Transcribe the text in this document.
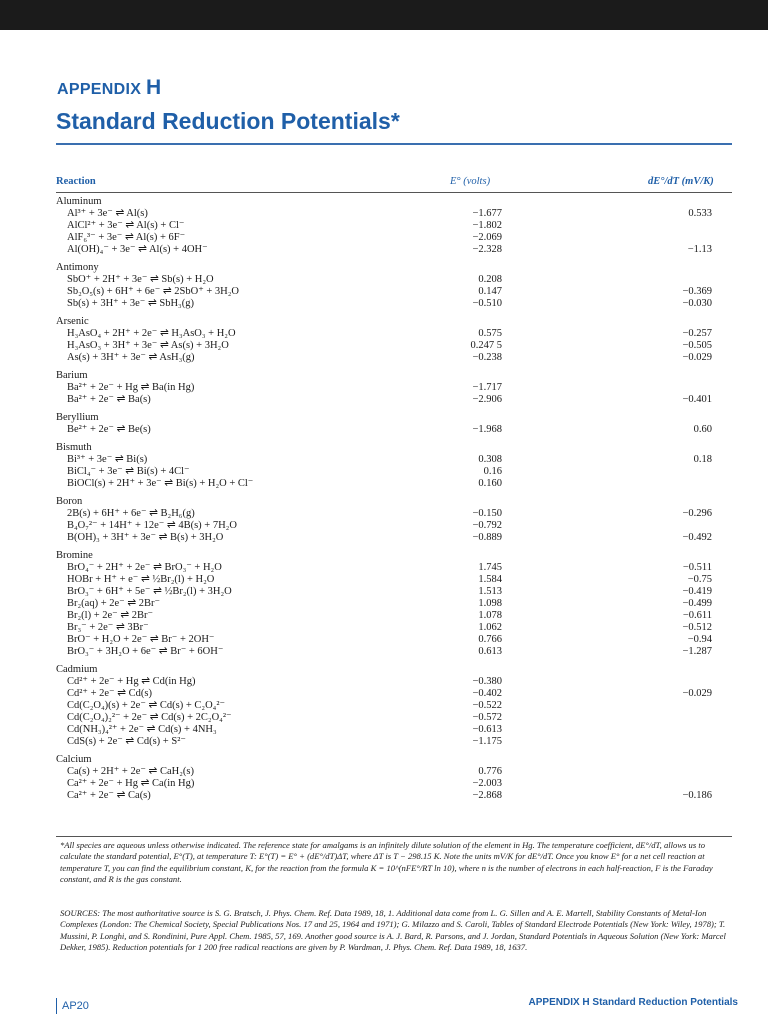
APPENDIX H
Standard Reduction Potentials*
Reaction	E° (volts)	dE°/dT (mV/K)
Aluminum
Al³⁺ + 3e⁻ ⇌ Al(s)	−1.677	0.533
AlCl²⁺ + 3e⁻ ⇌ Al(s) + Cl⁻	−1.802
AlF₆³⁻ + 3e⁻ ⇌ Al(s) + 6F⁻	−2.069
Al(OH)₄⁻ + 3e⁻ ⇌ Al(s) + 4OH⁻	−2.328	−1.13
Antimony
SbO⁺ + 2H⁺ + 3e⁻ ⇌ Sb(s) + H₂O	0.208
Sb₂O₅(s) + 6H⁺ + 6e⁻ ⇌ 2SbO⁺ + 3H₂O	0.147	−0.369
Sb(s) + 3H⁺ + 3e⁻ ⇌ SbH₃(g)	−0.510	−0.030
Arsenic
H₃AsO₄ + 2H⁺ + 2e⁻ ⇌ H₃AsO₃ + H₂O	0.575	−0.257
H₃AsO₃ + 3H⁺ + 3e⁻ ⇌ As(s) + 3H₂O	0.247 5	−0.505
As(s) + 3H⁺ + 3e⁻ ⇌ AsH₃(g)	−0.238	−0.029
Barium
Ba²⁺ + 2e⁻ + Hg ⇌ Ba(in Hg)	−1.717
Ba²⁺ + 2e⁻ ⇌ Ba(s)	−2.906	−0.401
Beryllium
Be²⁺ + 2e⁻ ⇌ Be(s)	−1.968	0.60
Bismuth
Bi³⁺ + 3e⁻ ⇌ Bi(s)	0.308	0.18
BiCl₄⁻ + 3e⁻ ⇌ Bi(s) + 4Cl⁻	0.16
BiOCl(s) + 2H⁺ + 3e⁻ ⇌ Bi(s) + H₂O + Cl⁻	0.160
Boron
2B(s) + 6H⁺ + 6e⁻ ⇌ B₂H₆(g)	−0.150	−0.296
B₄O₇²⁻ + 14H⁺ + 12e⁻ ⇌ 4B(s) + 7H₂O	−0.792
B(OH)₃ + 3H⁺ + 3e⁻ ⇌ B(s) + 3H₂O	−0.889	−0.492
Bromine
BrO₄⁻ + 2H⁺ + 2e⁻ ⇌ BrO₃⁻ + H₂O	1.745	−0.511
HOBr + H⁺ + e⁻ ⇌ ½Br₂(l) + H₂O	1.584	−0.75
BrO₃⁻ + 6H⁺ + 5e⁻ ⇌ ½Br₂(l) + 3H₂O	1.513	−0.419
Br₂(aq) + 2e⁻ ⇌ 2Br⁻	1.098	−0.499
Br₂(l) + 2e⁻ ⇌ 2Br⁻	1.078	−0.611
Br₃⁻ + 2e⁻ ⇌ 3Br⁻	1.062	−0.512
BrO⁻ + H₂O + 2e⁻ ⇌ Br⁻ + 2OH⁻	0.766	−0.94
BrO₃⁻ + 3H₂O + 6e⁻ ⇌ Br⁻ + 6OH⁻	0.613	−1.287
Cadmium
Cd²⁺ + 2e⁻ + Hg ⇌ Cd(in Hg)	−0.380
Cd²⁺ + 2e⁻ ⇌ Cd(s)	−0.402	−0.029
Cd(C₂O₄)(s) + 2e⁻ ⇌ Cd(s) + C₂O₄²⁻	−0.522
Cd(C₂O₄)₂²⁻ + 2e⁻ ⇌ Cd(s) + 2C₂O₄²⁻	−0.572
Cd(NH₃)₄²⁺ + 2e⁻ ⇌ Cd(s) + 4NH₃	−0.613
CdS(s) + 2e⁻ ⇌ Cd(s) + S²⁻	−1.175
Calcium
Ca(s) + 2H⁺ + 2e⁻ ⇌ CaH₂(s)	0.776
Ca²⁺ + 2e⁻ + Hg ⇌ Ca(in Hg)	−2.003
Ca²⁺ + 2e⁻ ⇌ Ca(s)	−2.868	−0.186
*All species are aqueous unless otherwise indicated. The reference state for amalgams is an infinitely dilute solution of the element in Hg. The temperature coefficient, dE°/dT, allows us to calculate the standard potential, E°(T), at temperature T: E°(T) = E° + (dE°/dT)ΔT, where ΔT is T − 298.15 K. Note the units mV/K for dE°/dT. Once you know E° for a net cell reaction at temperature T, you can find the equilibrium constant, K, for the reaction from the formula K = 10^(nFE°/RT ln 10), where n is the number of electrons in each half-reaction, F is the Faraday constant, and R is the gas constant.
SOURCES: The most authoritative source is S. G. Bratsch, J. Phys. Chem. Ref. Data 1989, 18, 1. Additional data come from L. G. Sillen and A. E. Martell, Stability Constants of Metal-Ion Complexes (London: The Chemical Society, Special Publications Nos. 17 and 25, 1964 and 1971); G. Milazzo and S. Caroli, Tables of Standard Electrode Potentials (New York: Wiley, 1978); T. Mussini, P. Longhi, and S. Rondinini, Pure Appl. Chem. 1985, 57, 169. Another good source is A. J. Bard, R. Parsons, and J. Jordan, Standard Potentials in Aqueous Solution (New York: Marcel Dekker, 1985). Reduction potentials for 1 200 free radical reactions are given by P. Wardman, J. Phys. Chem. Ref. Data 1989, 18, 1637.
AP20	APPENDIX H Standard Reduction Potentials
